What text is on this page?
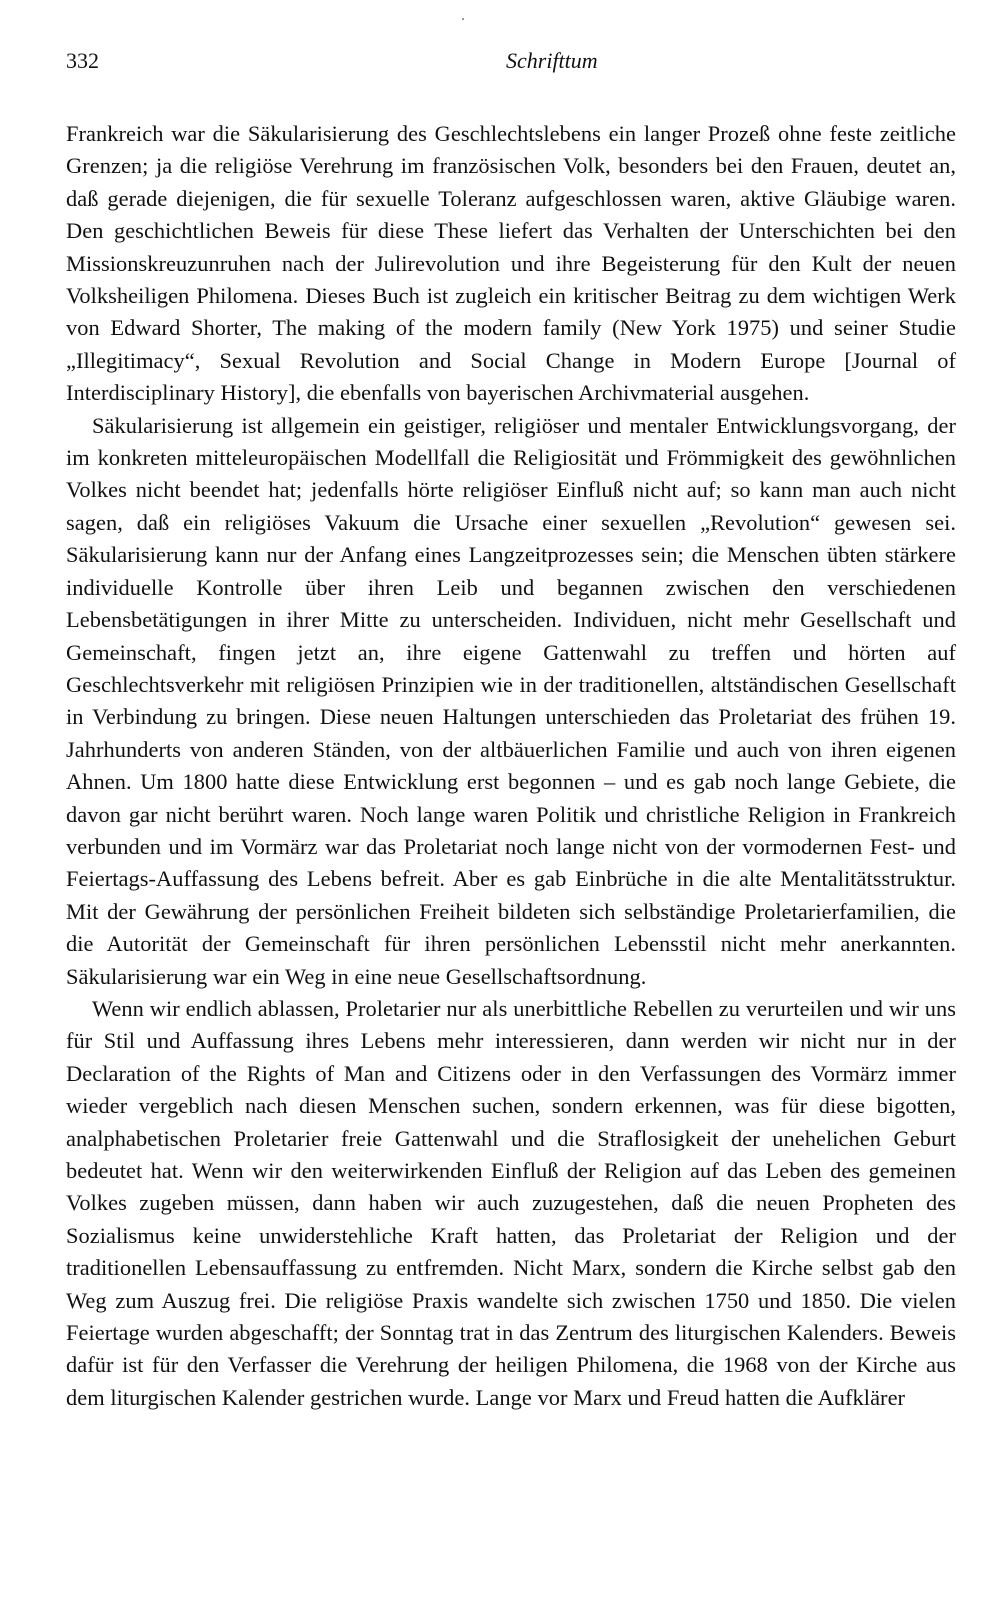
332	Schrifttum

Frankreich war die Säkularisierung des Geschlechtslebens ein langer Prozeß ohne feste zeitliche Grenzen; ja die religiöse Verehrung im französischen Volk, besonders bei den Frauen, deutet an, daß gerade diejenigen, die für sexuelle Toleranz aufgeschlossen waren, aktive Gläubige waren. Den geschichtlichen Beweis für diese These liefert das Verhalten der Unterschichten bei den Missionskreuzunruhen nach der Julirevolution und ihre Begeisterung für den Kult der neuen Volksheiligen Philomena. Dieses Buch ist zugleich ein kritischer Beitrag zu dem wichtigen Werk von Edward Shorter, The making of the modern family (New York 1975) und seiner Studie „Illegitimacy“, Sexual Revolution and Social Change in Modern Europe [Journal of Interdisciplinary History], die ebenfalls von bayerischen Archivmaterial ausgehen.

Säkularisierung ist allgemein ein geistiger, religiöser und mentaler Entwicklungsvorgang, der im konkreten mitteleuropäischen Modellfall die Religiosität und Frömmigkeit des gewöhnlichen Volkes nicht beendet hat; jedenfalls hörte religiöser Einfluß nicht auf; so kann man auch nicht sagen, daß ein religiöses Vakuum die Ursache einer sexuellen „Revolution“ gewesen sei. Säkularisierung kann nur der Anfang eines Langzeitprozesses sein; die Menschen übten stärkere individuelle Kontrolle über ihren Leib und begannen zwischen den verschiedenen Lebensbetätigungen in ihrer Mitte zu unterscheiden. Individuen, nicht mehr Gesellschaft und Gemeinschaft, fingen jetzt an, ihre eigene Gattenwahl zu treffen und hörten auf Geschlechtsverkehr mit religiösen Prinzipien wie in der traditionellen, altständischen Gesellschaft in Verbindung zu bringen. Diese neuen Haltungen unterschieden das Proletariat des frühen 19. Jahrhunderts von anderen Ständen, von der altbäuerlichen Familie und auch von ihren eigenen Ahnen. Um 1800 hatte diese Entwicklung erst begonnen – und es gab noch lange Gebiete, die davon gar nicht berührt waren. Noch lange waren Politik und christliche Religion in Frankreich verbunden und im Vormärz war das Proletariat noch lange nicht von der vormodernen Fest- und Feiertags-Auffassung des Lebens befreit. Aber es gab Einbrüche in die alte Mentalitätsstruktur. Mit der Gewährung der persönlichen Freiheit bildeten sich selbständige Proletarierfamilien, die die Autorität der Gemeinschaft für ihren persönlichen Lebensstil nicht mehr anerkannten. Säkularisierung war ein Weg in eine neue Gesellschaftsordnung.

Wenn wir endlich ablassen, Proletarier nur als unerbittliche Rebellen zu verurteilen und wir uns für Stil und Auffassung ihres Lebens mehr interessieren, dann werden wir nicht nur in der Declaration of the Rights of Man and Citizens oder in den Verfassungen des Vormärz immer wieder vergeblich nach diesen Menschen suchen, sondern erkennen, was für diese bigotten, analphabetischen Proletarier freie Gattenwahl und die Straflosigkeit der unehelichen Geburt bedeutet hat. Wenn wir den weiterwirkenden Einfluß der Religion auf das Leben des gemeinen Volkes zugeben müssen, dann haben wir auch zuzugestehen, daß die neuen Propheten des Sozialismus keine unwiderstehliche Kraft hatten, das Proletariat der Religion und der traditionellen Lebensauffassung zu entfremden. Nicht Marx, sondern die Kirche selbst gab den Weg zum Auszug frei. Die religiöse Praxis wandelte sich zwischen 1750 und 1850. Die vielen Feiertage wurden abgeschafft; der Sonntag trat in das Zentrum des liturgischen Kalenders. Beweis dafür ist für den Verfasser die Verehrung der heiligen Philomena, die 1968 von der Kirche aus dem liturgischen Kalender gestrichen wurde. Lange vor Marx und Freud hatten die Aufklärer
